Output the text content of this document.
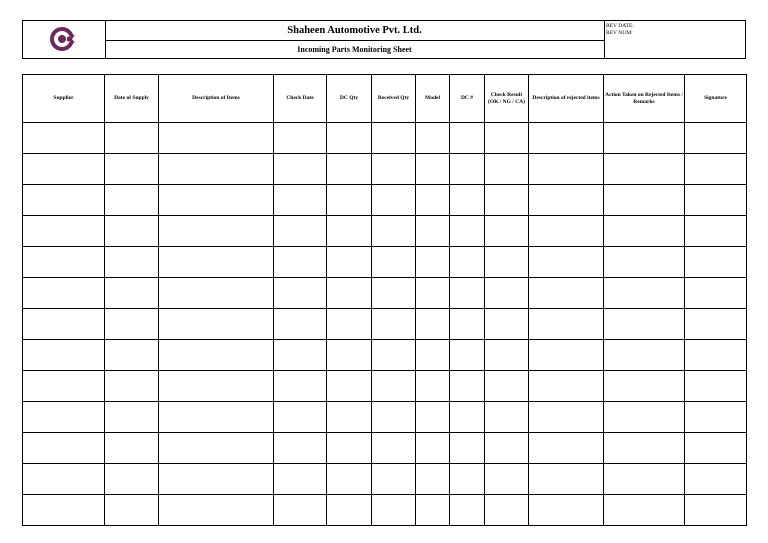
Shaheen Automotive Pvt. Ltd.
Incoming Parts Monitoring Sheet
REV DATE:
REV NUM:
Supplier	Date of Supply	Description of Items	Check Date	DC Qty	Received Qty	Model	DC #	Check Result (OK / NG / CA)	Description of rejected items	Action Taken on Rejected Items / Remarks	Signature
